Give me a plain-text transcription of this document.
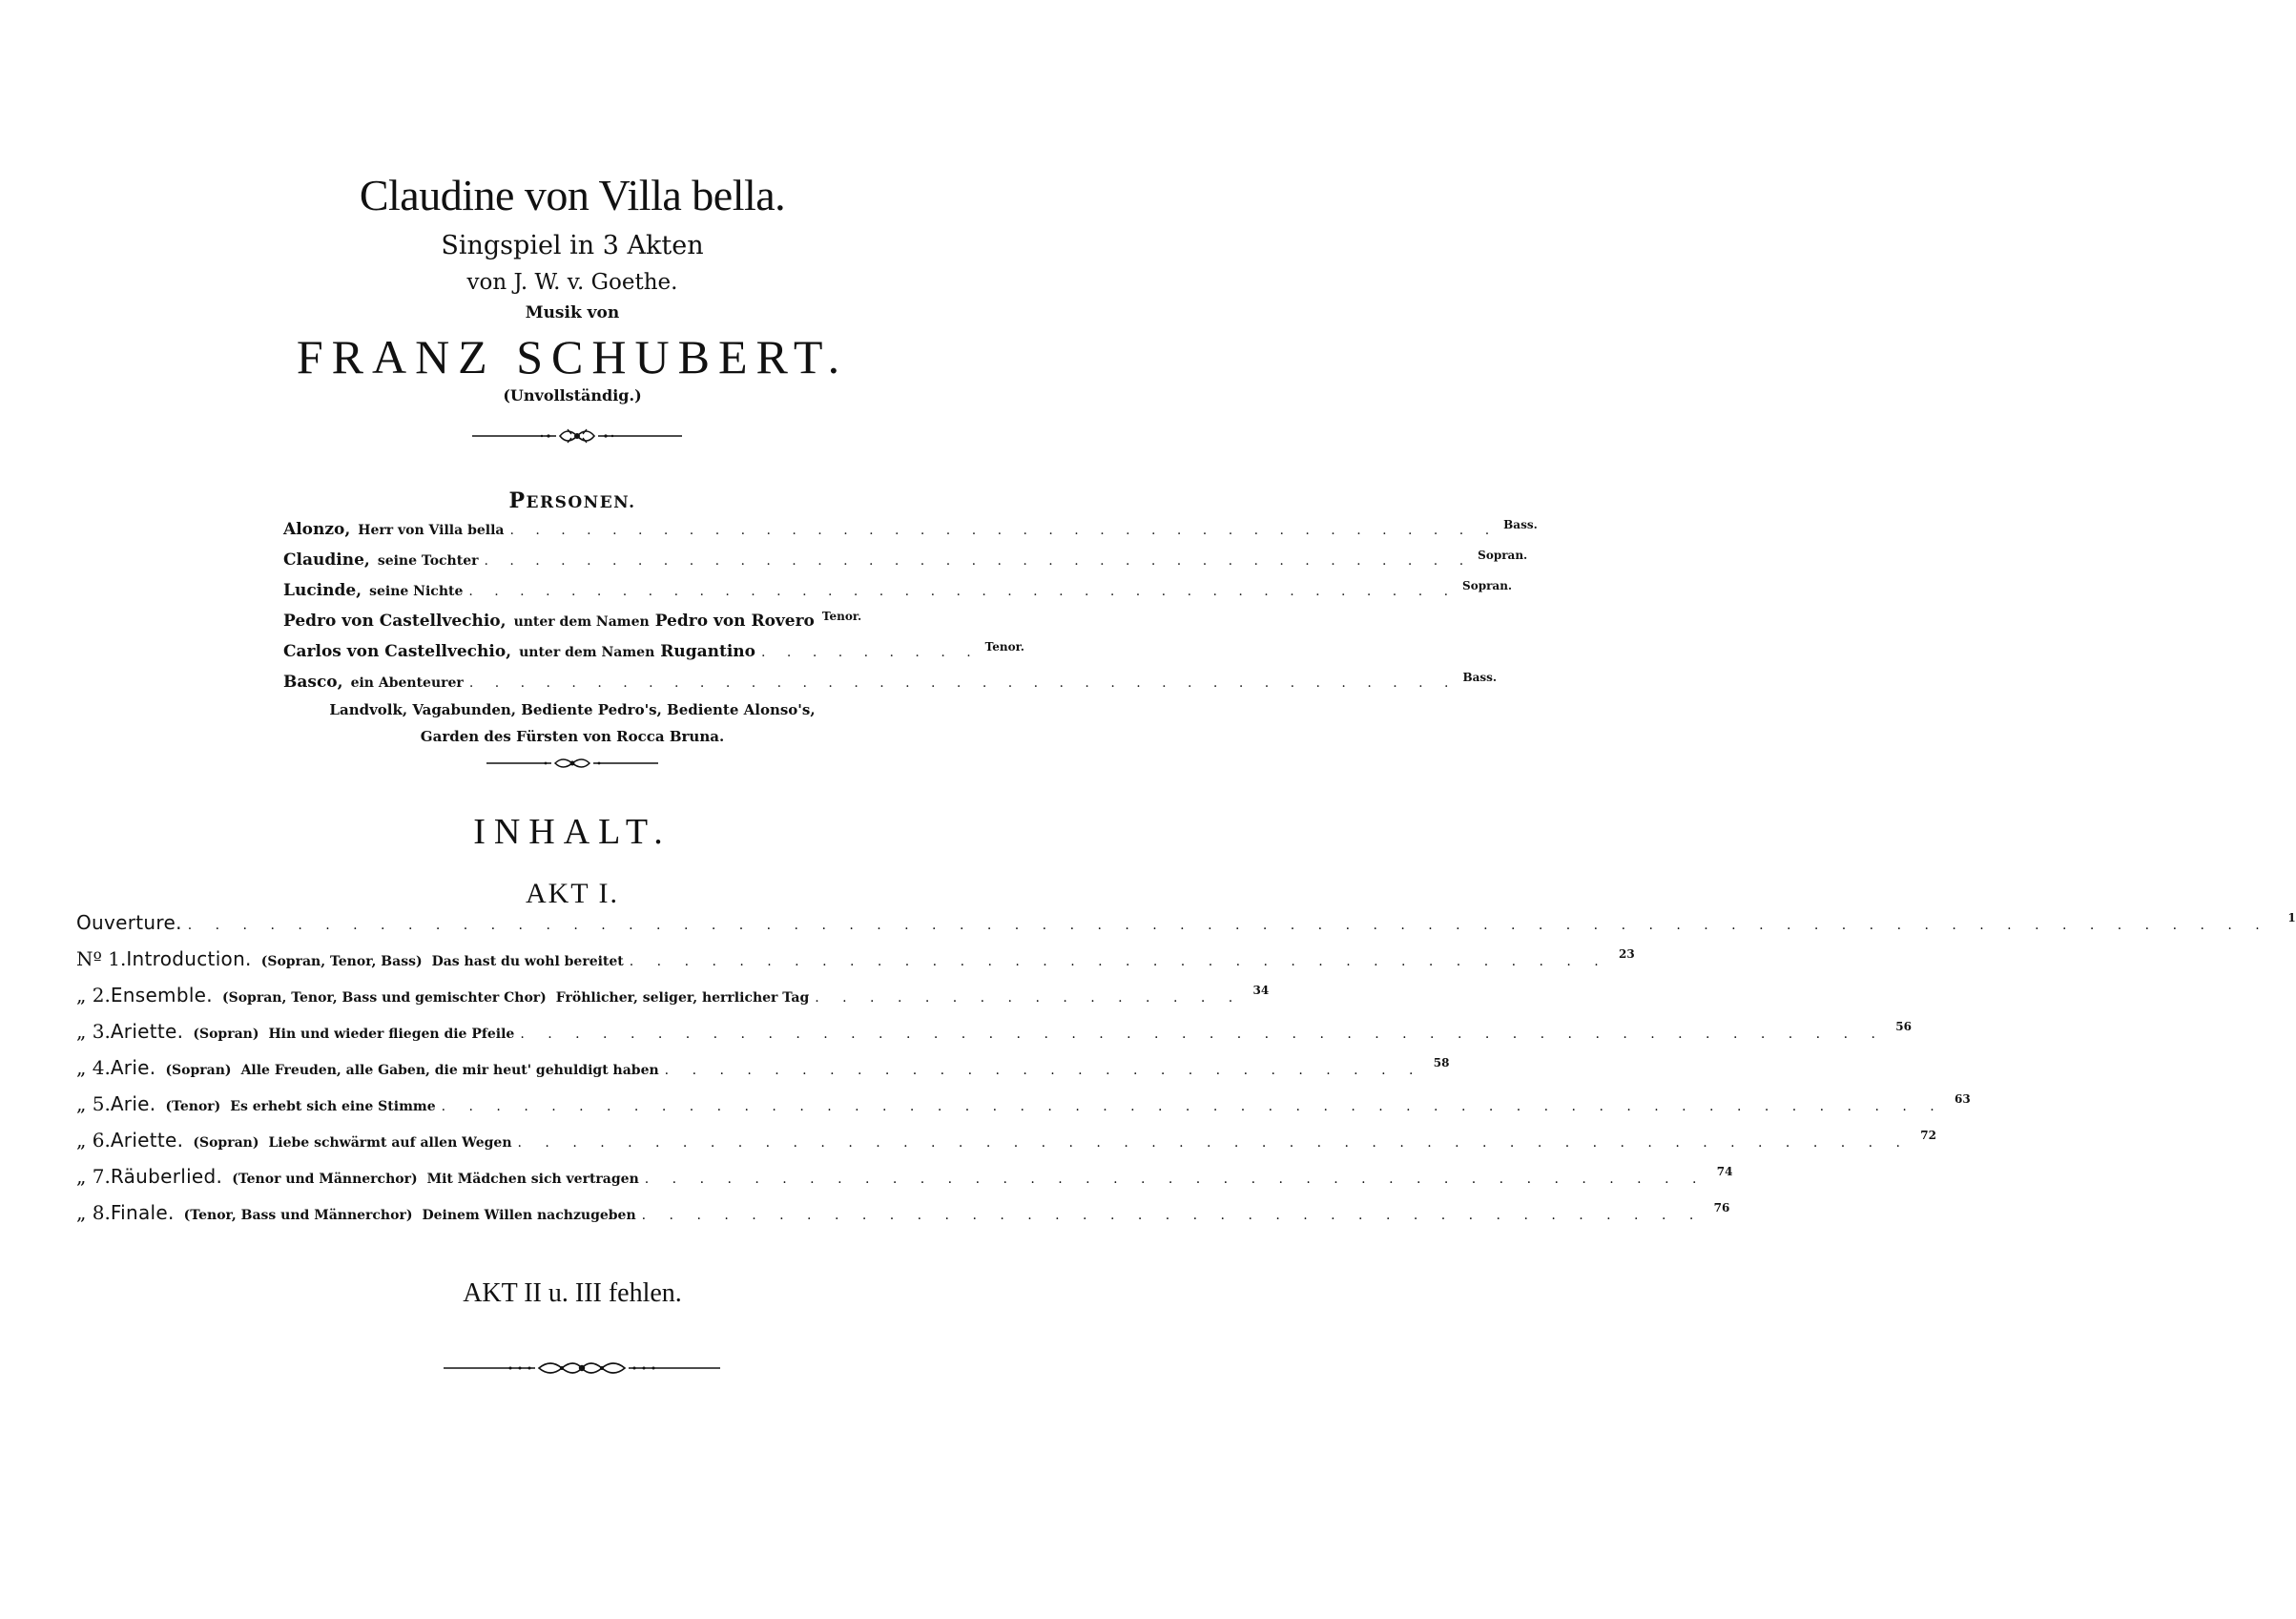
Claudine von Villa bella.
Singspiel in 3 Akten
von J. W. v. Goethe.
Musik von
FRANZ SCHUBERT.
(Unvollständig.)
PERSONEN.
Alonzo, Herr von Villa bella . . . . . . . . . . . . . . . . . . . . . . . . . . . . . . . . . . . . . . . Bass.
Claudine, seine Tochter . . . . . . . . . . . . . . . . . . . . . . . . . . . . . . . . . . . . . . . Sopran.
Lucinde, seine Nichte . . . . . . . . . . . . . . . . . . . . . . . . . . . . . . . . . . . . . . . Sopran.
Pedro von Castellvechio, unter dem Namen Pedro von Rovero Tenor.
Carlos von Castellvechio, unter dem Namen Rugantino . . . . . . . . . Tenor.
Basco, ein Abenteurer . . . . . . . . . . . . . . . . . . . . . . . . . . . . . . . . . . . . . . . Bass.
Landvolk, Vagabunden, Bediente Pedro's, Bediente Alonso's,
Garden des Fürsten von Rocca Bruna.
INHALT.
AKT I.
Ouverture. . . . . . . . . . . . . . . . . . . . . . . . . . . . . . . . . . . . . . . . . . . . . . . . . . . . . . . . . . . . . . . . . . . . . . . . . . . . .	1
Nº 1. Introduction. (Sopran, Tenor, Bass) Das hast du wohl bereitet . . . . . . . . . . . . . . . . . . . . . . . . . . . . . . . . . . . . 23
„ 2. Ensemble. (Sopran, Tenor, Bass und gemischter Chor) Fröhlicher, seliger, herrlicher Tag . . . . . . . . . . . . . . . . 34
„ 3. Ariette. (Sopran) Hin und wieder fliegen die Pfeile . . . . . . . . . . . . . . . . . . . . . . . . . . . . . . . . . . . . . . . . . . . . . . . . . . 56
„ 4. Arie. (Sopran) Alle Freuden, alle Gaben, die mir heut' gehuldigt haben . . . . . . . . . . . . . . . . . . . . . . . . . . . . 58
„ 5. Arie. (Tenor) Es erhebt sich eine Stimme . . . . . . . . . . . . . . . . . . . . . . . . . . . . . . . . . . . . . . . . . . . . . . . . . . . . . . . 63
„ 6. Ariette. (Sopran) Liebe schwärmt auf allen Wegen . . . . . . . . . . . . . . . . . . . . . . . . . . . . . . . . . . . . . . . . . . . . . . . . . . . 72
„ 7. Räuberlied. (Tenor und Männerchor) Mit Mädchen sich vertragen . . . . . . . . . . . . . . . . . . . . . . . . . . . . . . . . . . . . . . . 74
„ 8. Finale. (Tenor, Bass und Männerchor) Deinem Willen nachzugeben . . . . . . . . . . . . . . . . . . . . . . . . . . . . . . . . . . . . . . . 76
AKT II u. III fehlen.
